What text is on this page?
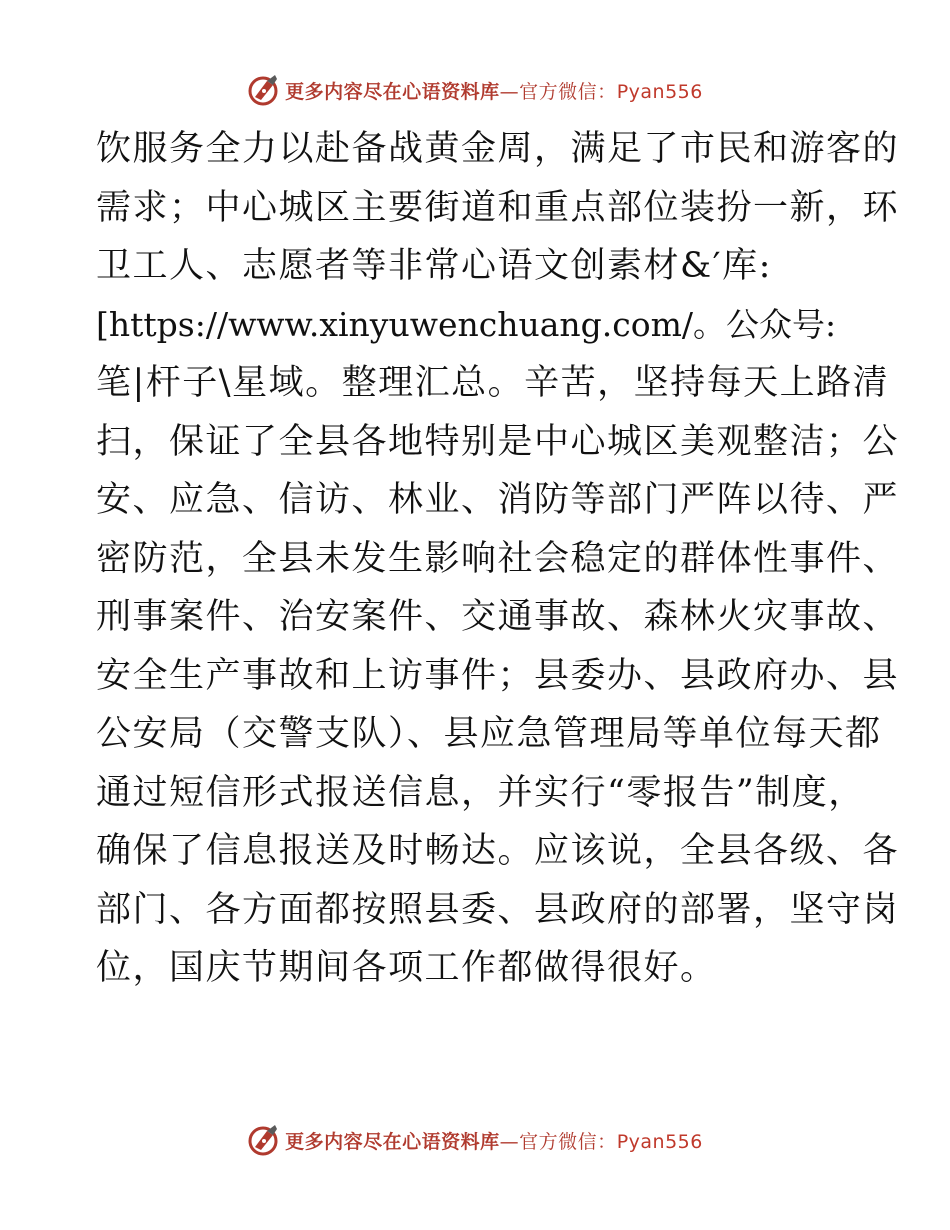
更多内容尽在心语资料库—官方微信：Pyan556
饮服务全力以赴备战黄金周，满足了市民和游客的
需求；中心城区主要街道和重点部位装扮一新，环
卫工人、志愿者等非常心语文创素材&′库:
[https://www.xinyuwenchuang.com/。公众号:
笔|杆子\星域。整理汇总。辛苦，坚持每天上路清
扫，保证了全县各地特别是中心城区美观整洁；公
安、应急、信访、林业、消防等部门严阵以待、严
密防范，全县未发生影响社会稳定的群体性事件、
刑事案件、治安案件、交通事故、森林火灾事故、
安全生产事故和上访事件；县委办、县政府办、县
公安局（交警支队）、县应急管理局等单位每天都
通过短信形式报送信息，并实行“零报告”制度，
确保了信息报送及时畅达。应该说，全县各级、各
部门、各方面都按照县委、县政府的部署，坚守岗
位，国庆节期间各项工作都做得很好。
更多内容尽在心语资料库—官方微信：Pyan556
